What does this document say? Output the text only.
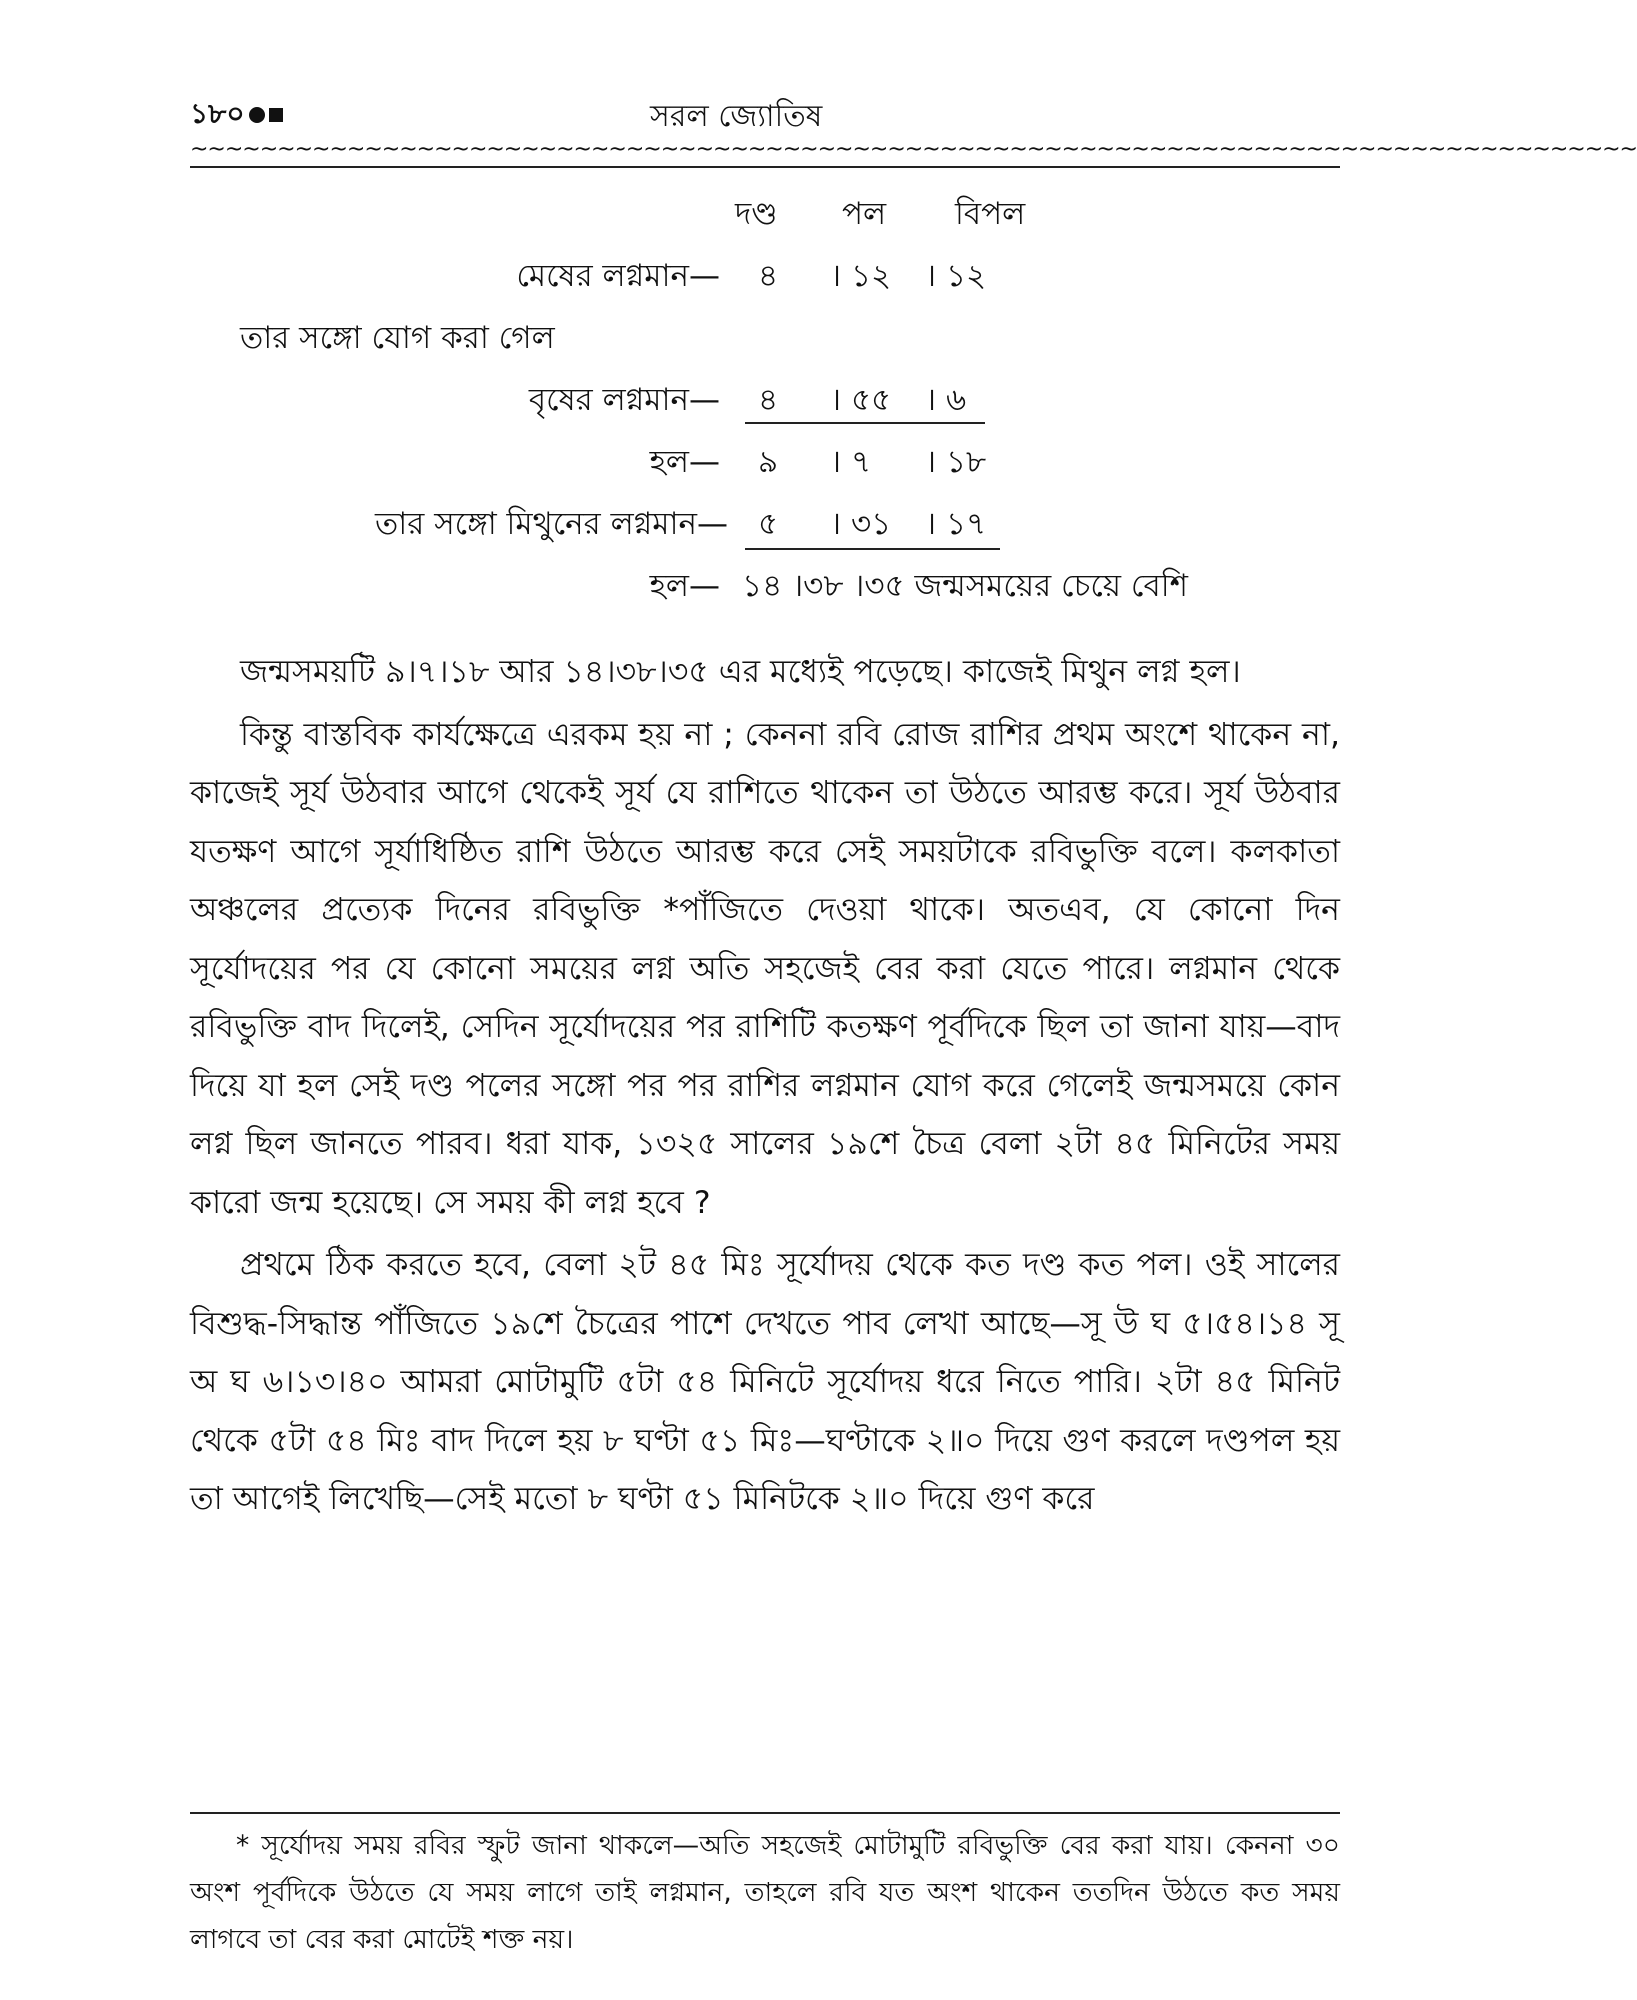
১৮০	সরল জ্যোতিষ
~~~~~~~~~~~~~~~~~~~~~~~~~~~~~~~~~~~~~~~~~~~~~~~~~~~~~~~~~~~~~~~~~~~~~~~~~~~~~~~~~~~
দণ্ড পল বিপল
মেষের লগ্নমান— ৪ । ১২ । ১২
তার সঙ্গো যোগ করা গেল
বৃষের লগ্নমান— ৪ । ৫৫ । ৬
হল— ৯ । ৭ । ১৮
তার সঙ্গো মিথুনের লগ্নমান— ৫ । ৩১ । ১৭
হল— ১৪ ।৩৮ ।৩৫ জন্মসময়ের চেয়ে বেশি

জন্মসময়টি ৯।৭।১৮ আর ১৪।৩৮।৩৫ এর মধ্যেই পড়েছে। কাজেই মিথুন লগ্ন হল।

কিন্তু বাস্তবিক কার্যক্ষেত্রে এরকম হয় না ; কেননা রবি রোজ রাশির প্রথম অংশে থাকেন না, কাজেই সূর্য উঠবার আগে থেকেই সূর্য যে রাশিতে থাকেন তা উঠতে আরম্ভ করে। সূর্য উঠবার যতক্ষণ আগে সূর্যাধিষ্ঠিত রাশি উঠতে আরম্ভ করে সেই সময়টাকে রবিভুক্তি বলে। কলকাতা অঞ্চলের প্রত্যেক দিনের রবিভুক্তি *পাঁজিতে দেওয়া থাকে। অতএব, যে কোনো দিন সূর্যোদয়ের পর যে কোনো সময়ের লগ্ন অতি সহজেই বের করা যেতে পারে। লগ্নমান থেকে রবিভুক্তি বাদ দিলেই, সেদিন সূর্যোদয়ের পর রাশিটি কতক্ষণ পূর্বদিকে ছিল তা জানা যায়—বাদ দিয়ে যা হল সেই দণ্ড পলের সঙ্গো পর পর রাশির লগ্নমান যোগ করে গেলেই জন্মসময়ে কোন লগ্ন ছিল জানতে পারব। ধরা যাক, ১৩২৫ সালের ১৯শে চৈত্র বেলা ২টা ৪৫ মিনিটের সময় কারো জন্ম হয়েছে। সে সময় কী লগ্ন হবে ?

প্রথমে ঠিক করতে হবে, বেলা ২ট ৪৫ মিঃ সূর্যোদয় থেকে কত দণ্ড কত পল। ওই সালের বিশুদ্ধ-সিদ্ধান্ত পাঁজিতে ১৯শে চৈত্রের পাশে দেখতে পাব লেখা আছে—সূ উ ঘ ৫।৫৪।১৪ সূ অ ঘ ৬।১৩।৪০ আমরা মোটামুটি ৫টা ৫৪ মিনিটে সূর্যোদয় ধরে নিতে পারি। ২টা ৪৫ মিনিট থেকে ৫টা ৫৪ মিঃ বাদ দিলে হয় ৮ ঘণ্টা ৫১ মিঃ—ঘণ্টাকে ২॥০ দিয়ে গুণ করলে দণ্ডপল হয় তা আগেই লিখেছি—সেই মতো ৮ ঘণ্টা ৫১ মিনিটকে ২॥০ দিয়ে গুণ করে

* সূর্যোদয় সময় রবির স্ফুট জানা থাকলে—অতি সহজেই মোটামুটি রবিভুক্তি বের করা যায়। কেননা ৩০ অংশ পূর্বদিকে উঠতে যে সময় লাগে তাই লগ্নমান, তাহলে রবি যত অংশ থাকেন ততদিন উঠতে কত সময় লাগবে তা বের করা মোটেই শক্ত নয়।
